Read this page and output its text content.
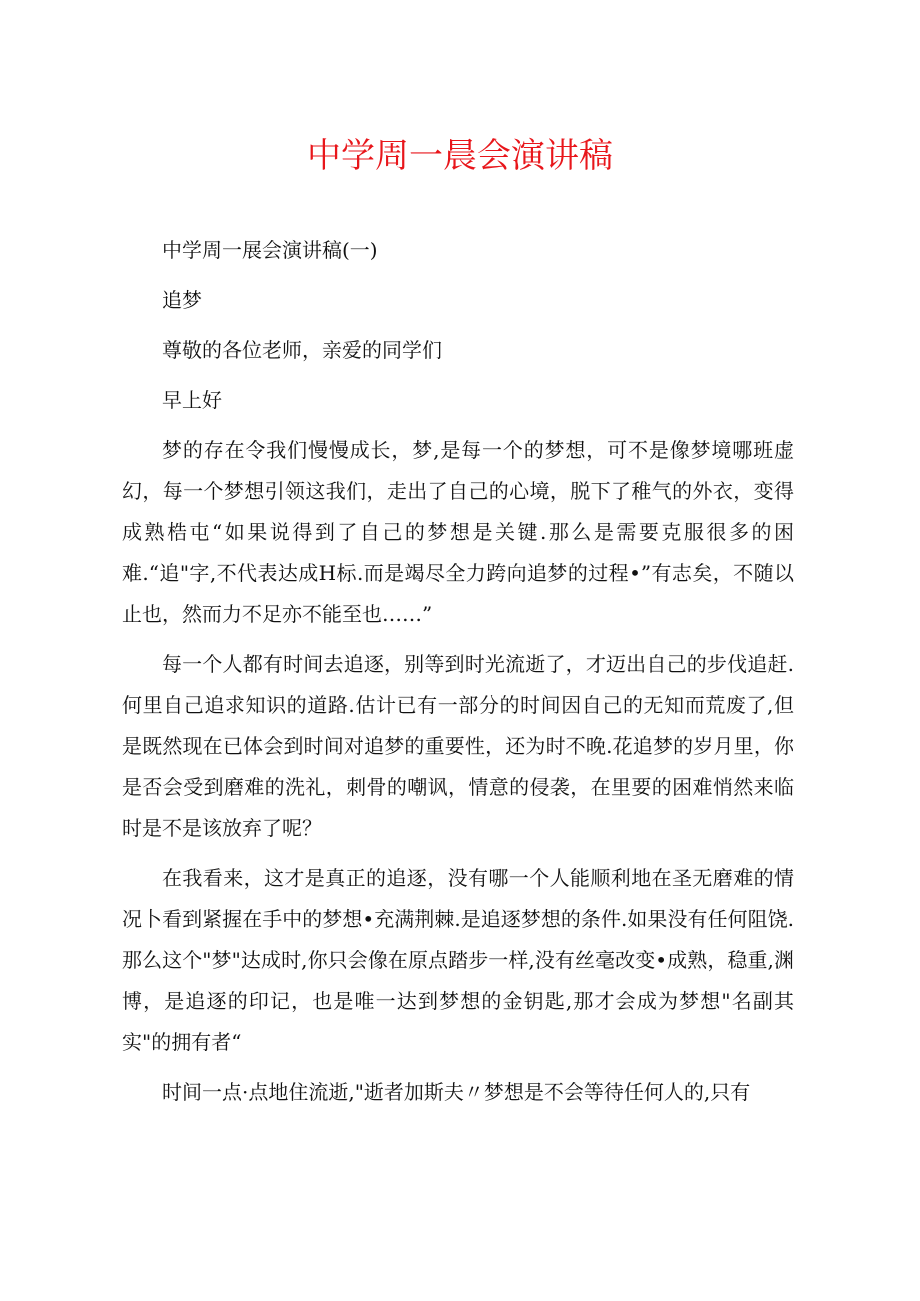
中学周一晨会演讲稿

中学周一展会演讲稿(一)

追梦

尊敬的各位老师，亲爱的同学们

早上好

梦的存在令我们慢慢成长，梦,是每一个的梦想，可不是像梦境哪班虚幻，每一个梦想引领这我们，走出了自己的心境，脱下了稚气的外衣，变得成熟梏屯“如果说得到了自己的梦想是关键.那么是需要克服很多的困难.“追"字,不代表达成H标.而是竭尽全力跨向追梦的过程•”有志矣，不随以止也，然而力不足亦不能至也……”

每一个人都有时间去追逐，别等到时光流逝了，才迈出自己的步伐追赶.何里自己追求知识的道路.估计已有一部分的时间因自己的无知而荒废了,但是既然现在已体会到时间对追梦的重要性，还为时不晚.花追梦的岁月里，你是否会受到磨难的洗礼，刺骨的嘲讽，情意的侵袭，在里要的困难悄然来临时是不是该放弃了呢？

在我看来，这才是真正的追逐，没有哪一个人能顺利地在圣无磨难的情况卜看到紧握在手中的梦想•充满荆棘.是追逐梦想的条件.如果没有任何阻饶.那么这个"梦"达成时,你只会像在原点踏步一样,没有丝毫改变•成熟，稳重,渊博，是追逐的印记，也是唯一达到梦想的金钥匙,那才会成为梦想"名副其实"的拥有者“

时间一点·点地住流逝,"逝者加斯夫〃梦想是不会等待任何人的,只有
